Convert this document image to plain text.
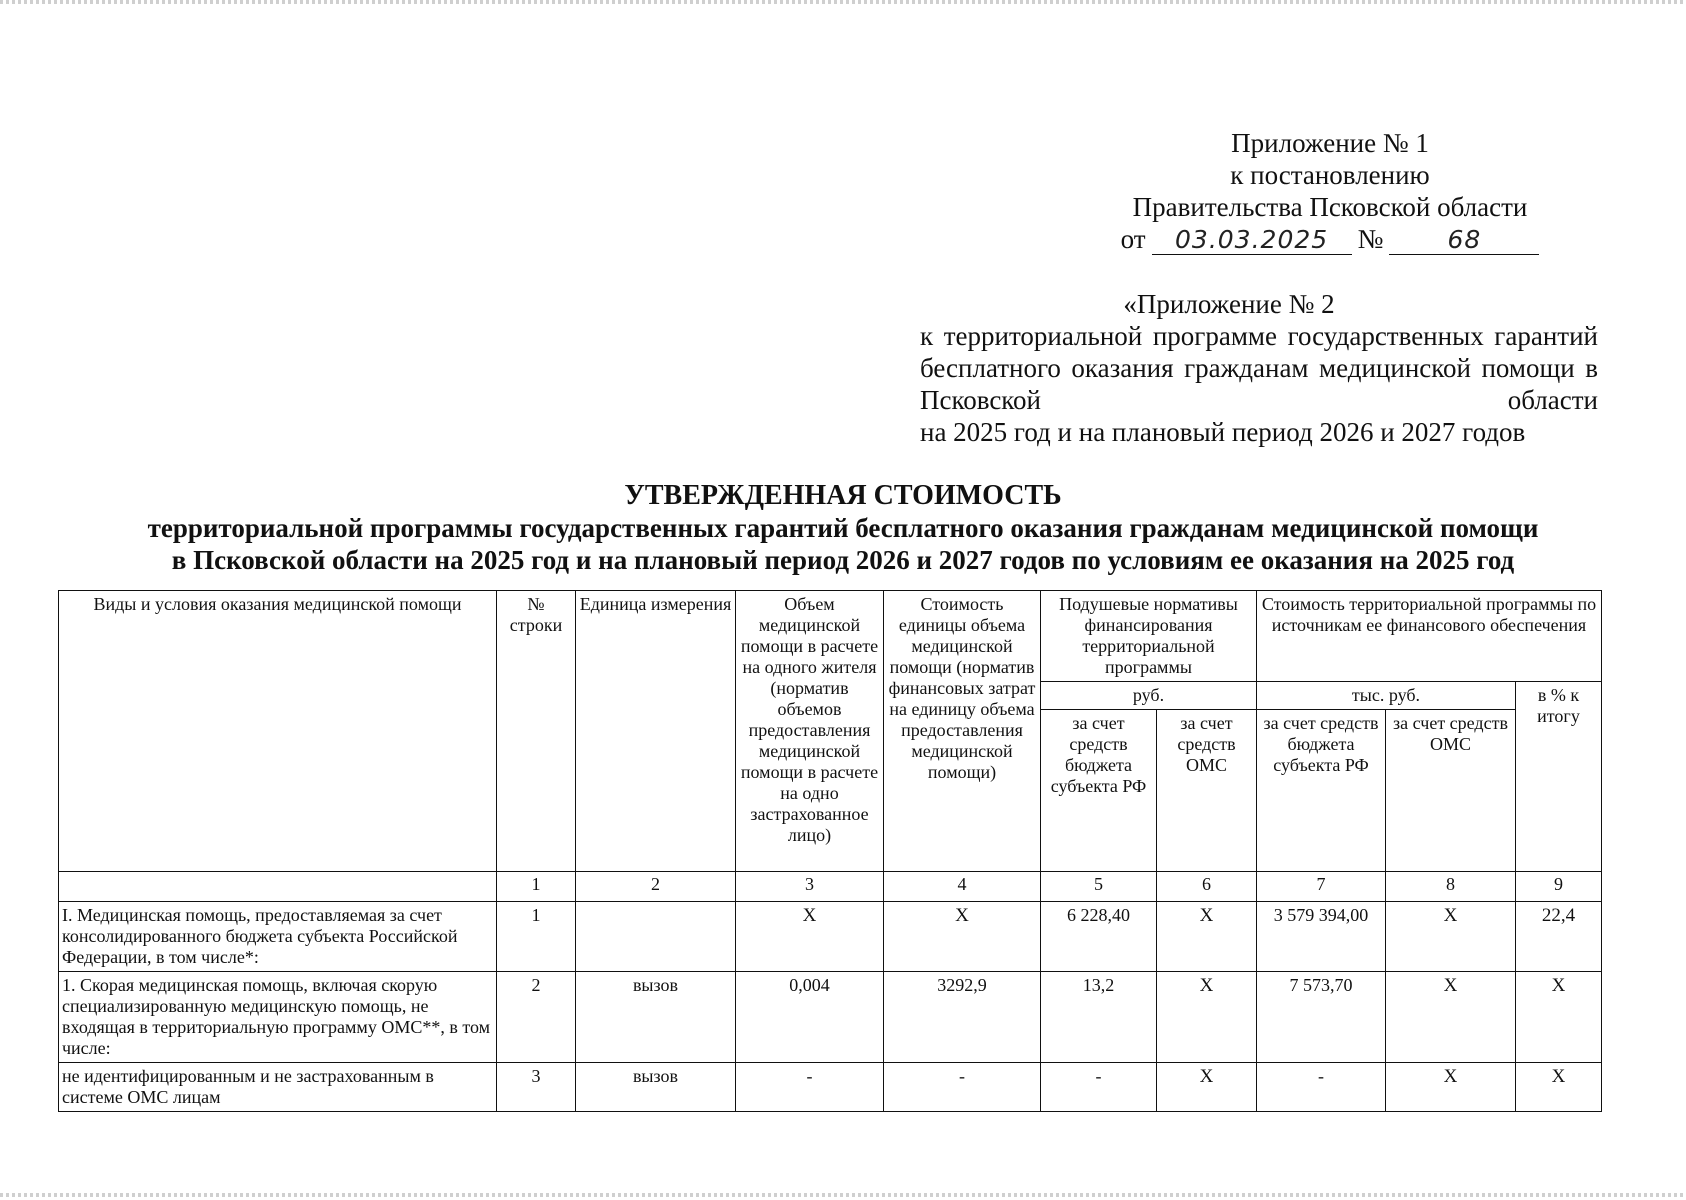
Приложение № 1
к постановлению
Правительства Псковской области
от	03.03.2025	№	68
«Приложение № 2
к территориальной программе государственных гарантий бесплатного оказания гражданам медицинской помощи в Псковской области
на 2025 год и на плановый период 2026 и 2027 годов
УТВЕРЖДЕННАЯ СТОИМОСТЬ
территориальной программы государственных гарантий бесплатного оказания гражданам медицинской помощи
в Псковской области на 2025 год и на плановый период 2026 и 2027 годов по условиям ее оказания на 2025 год
Виды и условия оказания медицинской помощи	№ строки	Единица измерения	Объем медицинской помощи в расчете на одного жителя (норматив объемов предоставления медицинской помощи в расчете на одно застрахованное лицо)	Стоимость единицы объема медицинской помощи (норматив финансовых затрат на единицу объема предоставления медицинской помощи)	Подушевые нормативы финансирования территориальной программы		Стоимость территориальной программы по источникам ее финансового обеспечения		
					руб.		тыс. руб.		в % к итогу
					за счет средств бюджета субъекта РФ	за счет средств ОМС	за счет средств бюджета субъекта РФ	за счет средств ОМС	
	1	2	3	4	5	6	7	8	9
I. Медицинская помощь, предоставляемая за счет консолидированного бюджета субъекта Российской Федерации, в том числе*:	1		X	X	6 228,40	X	3 579 394,00	X	22,4
1. Скорая медицинская помощь, включая скорую специализированную медицинскую помощь, не входящая в территориальную программу ОМС**, в том числе:	2	вызов	0,004	3292,9	13,2	X	7 573,70	X	X
не идентифицированным и не застрахованным в системе ОМС лицам	3	вызов	-	-	-	X	-	X	X
